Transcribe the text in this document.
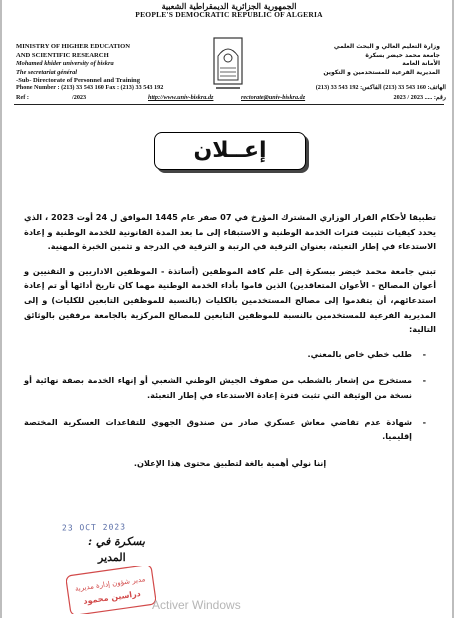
الجمهورية الجزائرية الديمقراطية الشعبية
PEOPLE'S DEMOCRATIC REPUBLIC OF ALGERIA
MINISTRY OF HIGHER EDUCATION
AND SCIENTIFIC RESEARCH
Mohamed khider university of biskra
The secretariat général
-Sub- Directorate of Personnel and Training
وزارة التعليم العالي و البحث العلمي
جامعة محمد خيضر بسكرة
الأمانة العامة
المديرية الفرعية للمستخدمين و التكوين
Phone Number : (213) 33 543 160 Fax : (213) 33 543 192	الهاتف: 160 543 33 (213) الفاكس: 192 543 33 (213)
Ref :	/2023	http://www.univ-biskra.dz	rectorate@univ-biskra.dz	رقم: ..... 2023 / 2023
إعــلان

تطبيقا لأحكام القرار الوزاري المشترك المؤرخ في 07 صفر عام 1445 الموافق ل 24 أوت 2023 ، الذي يحدد كيفيات تثبيت فترات الخدمة الوطنية و الاستبقاء إلى ما بعد المدة القانونية للخدمة الوطنية و إعادة الاستدعاء في إطار التعبئة، بعنوان الترقية في الرتبة و الترقية في الدرجة و تثمين الخبرة المهنية.

تبني جامعة محمد خيضر ببسكرة إلى علم كافة الموظفين (أساتذة - الموظفين الاداريين و التقنيين و أعوان المصالح - الأعوان المتعاقدين) الذين قاموا بأداء الخدمة الوطنية مهما كان تاريخ أدائها أو تم إعادة استدعائهم، أن يتقدموا إلى مصالح المستخدمين بالكليات (بالنسبة للموظفين التابعين للكليات) و إلى المديرية الفرعية للمستخدمين بالنسبة للموظفين التابعين للمصالح المركزية بالجامعة مرفقين بالوثائق التالية:

- طلب خطي خاص بالمعني.
- مستخرج من إشعار بالشطب من صفوف الجيش الوطني الشعبي أو إنهاء الخدمة بصفة نهائية أو نسخة من الوثيقة التي تثبت فترة إعادة الاستدعاء في إطار التعبئة.
- شهادة عدم تقاضي معاش عسكري صادر من صندوق الجهوي للتقاعدات العسكرية المختصة إقليميا.

إننا نولي أهمية بالغة لتطبيق محتوى هذا الإعلان.

23 OCT 2023
بسكرة في :
المدير
مدير شؤون إدارة مديرية
دراسين محمود Activer Windows
